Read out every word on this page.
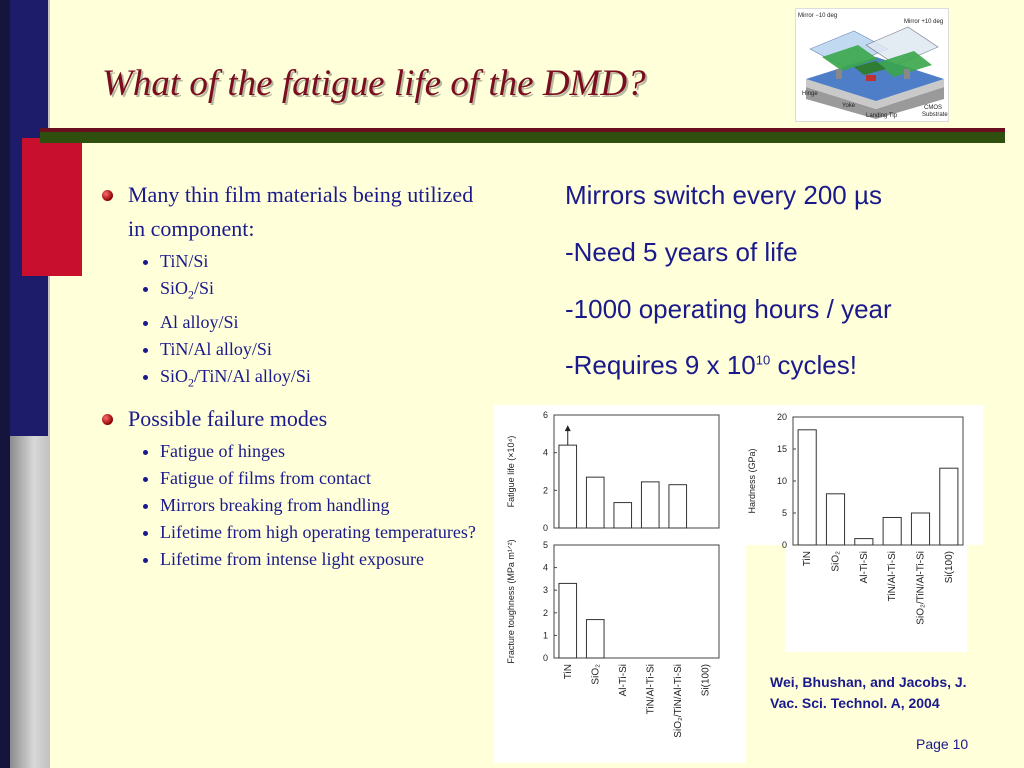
What of the fatigue life of the DMD?
Mirror −10 deg
Mirror +10 deg
Hinge
Yoke
Landing Tip
CMOS
Substrate
Many thin film materials being utilized in component:
TiN/Si
SiO$_2$/Si
Al alloy/Si
TiN/Al alloy/Si
SiO$_2$/TiN/Al alloy/Si
Possible failure modes
Fatigue of hinges
Fatigue of films from contact
Mirrors breaking from handling
Lifetime from high operating temperatures?
Lifetime from intense light exposure
Mirrors switch every 200 µs
-Need 5 years of life
-1000 operating hours / year
-Requires 9 x $10^{10}$ cycles!
0
2
4
6
Fatigue life (×10⁴)
0
1
2
3
4
5
Fracture toughness (MPa m¹ᐟ²)
TiN SiO₂ Al-Ti-Si TiN/Al-Ti-Si SiO₂/TiN/Al-Ti-Si Si(100)
0
5
10
15
20
Hardness (GPa)
TiN SiO₂ Al-Ti-Si TiN/Al-Ti-Si SiO₂/TiN/Al-Ti-Si Si(100)
Wei, Bhushan, and Jacobs, J. Vac. Sci. Technol. A, 2004
Page 10
